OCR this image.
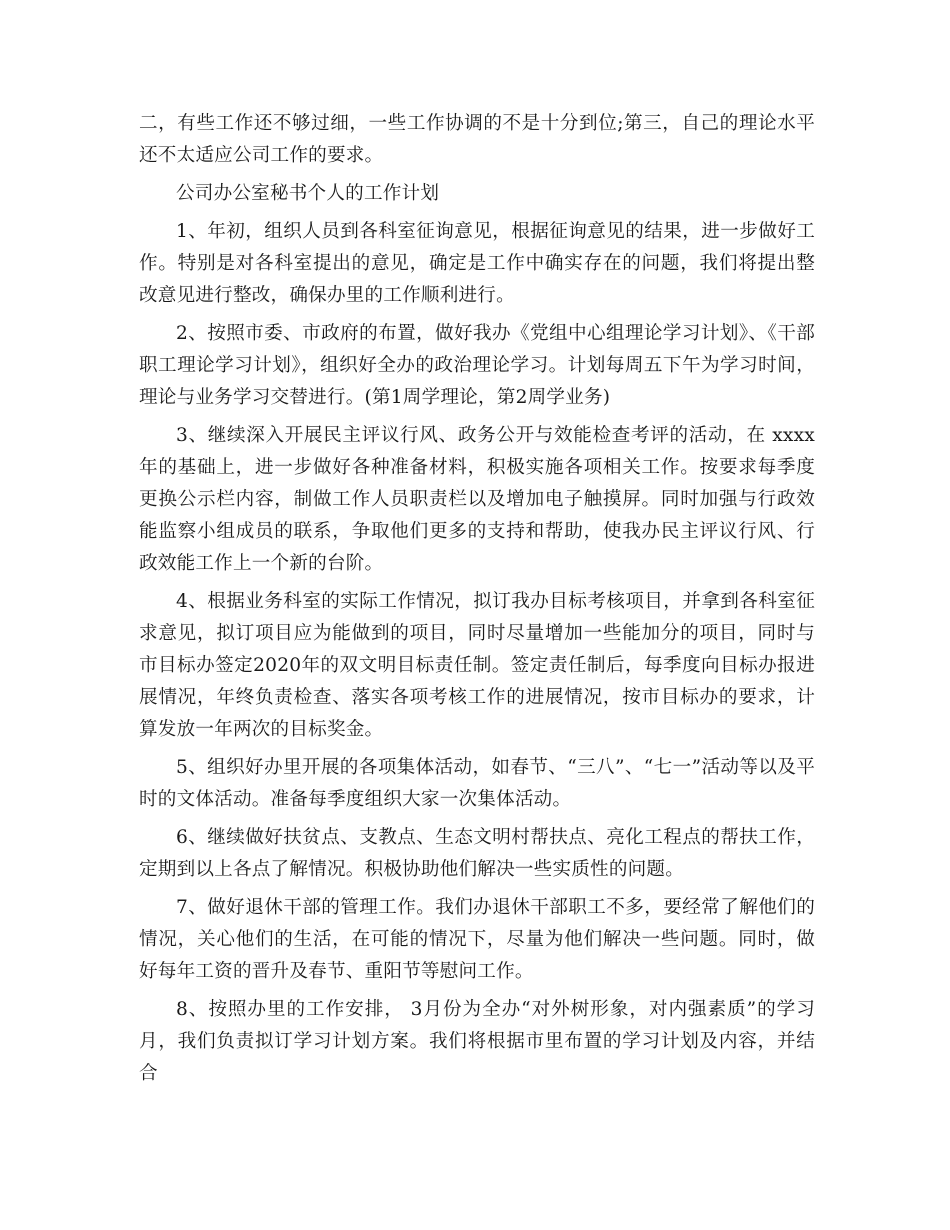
二，有些工作还不够过细，一些工作协调的不是十分到位;第三，自己的理论水平还不太适应公司工作的要求。

公司办公室秘书个人的工作计划

1、年初，组织人员到各科室征询意见，根据征询意见的结果，进一步做好工作。特别是对各科室提出的意见，确定是工作中确实存在的问题，我们将提出整改意见进行整改，确保办里的工作顺利进行。

2、按照市委、市政府的布置，做好我办《党组中心组理论学习计划》、《干部职工理论学习计划》，组织好全办的政治理论学习。计划每周五下午为学习时间，理论与业务学习交替进行。(第1周学理论，第2周学业务)

3、继续深入开展民主评议行风、政务公开与效能检查考评的活动，在 xxxx 年的基础上，进一步做好各种准备材料，积极实施各项相关工作。按要求每季度更换公示栏内容，制做工作人员职责栏以及增加电子触摸屏。同时加强与行政效能监察小组成员的联系，争取他们更多的支持和帮助，使我办民主评议行风、行政效能工作上一个新的台阶。

4、根据业务科室的实际工作情况，拟订我办目标考核项目，并拿到各科室征求意见，拟订项目应为能做到的项目，同时尽量增加一些能加分的项目，同时与市目标办签定2020年的双文明目标责任制。签定责任制后，每季度向目标办报进展情况，年终负责检查、落实各项考核工作的进展情况，按市目标办的要求，计算发放一年两次的目标奖金。

5、组织好办里开展的各项集体活动，如春节、“三八”、“七一”活动等以及平时的文体活动。准备每季度组织大家一次集体活动。

6、继续做好扶贫点、支教点、生态文明村帮扶点、亮化工程点的帮扶工作，定期到以上各点了解情况。积极协助他们解决一些实质性的问题。

7、做好退休干部的管理工作。我们办退休干部职工不多，要经常了解他们的情况，关心他们的生活，在可能的情况下，尽量为他们解决一些问题。同时，做好每年工资的晋升及春节、重阳节等慰问工作。

8、按照办里的工作安排， 3月份为全办“对外树形象，对内强素质”的学习月，我们负责拟订学习计划方案。我们将根据市里布置的学习计划及内容，并结合
